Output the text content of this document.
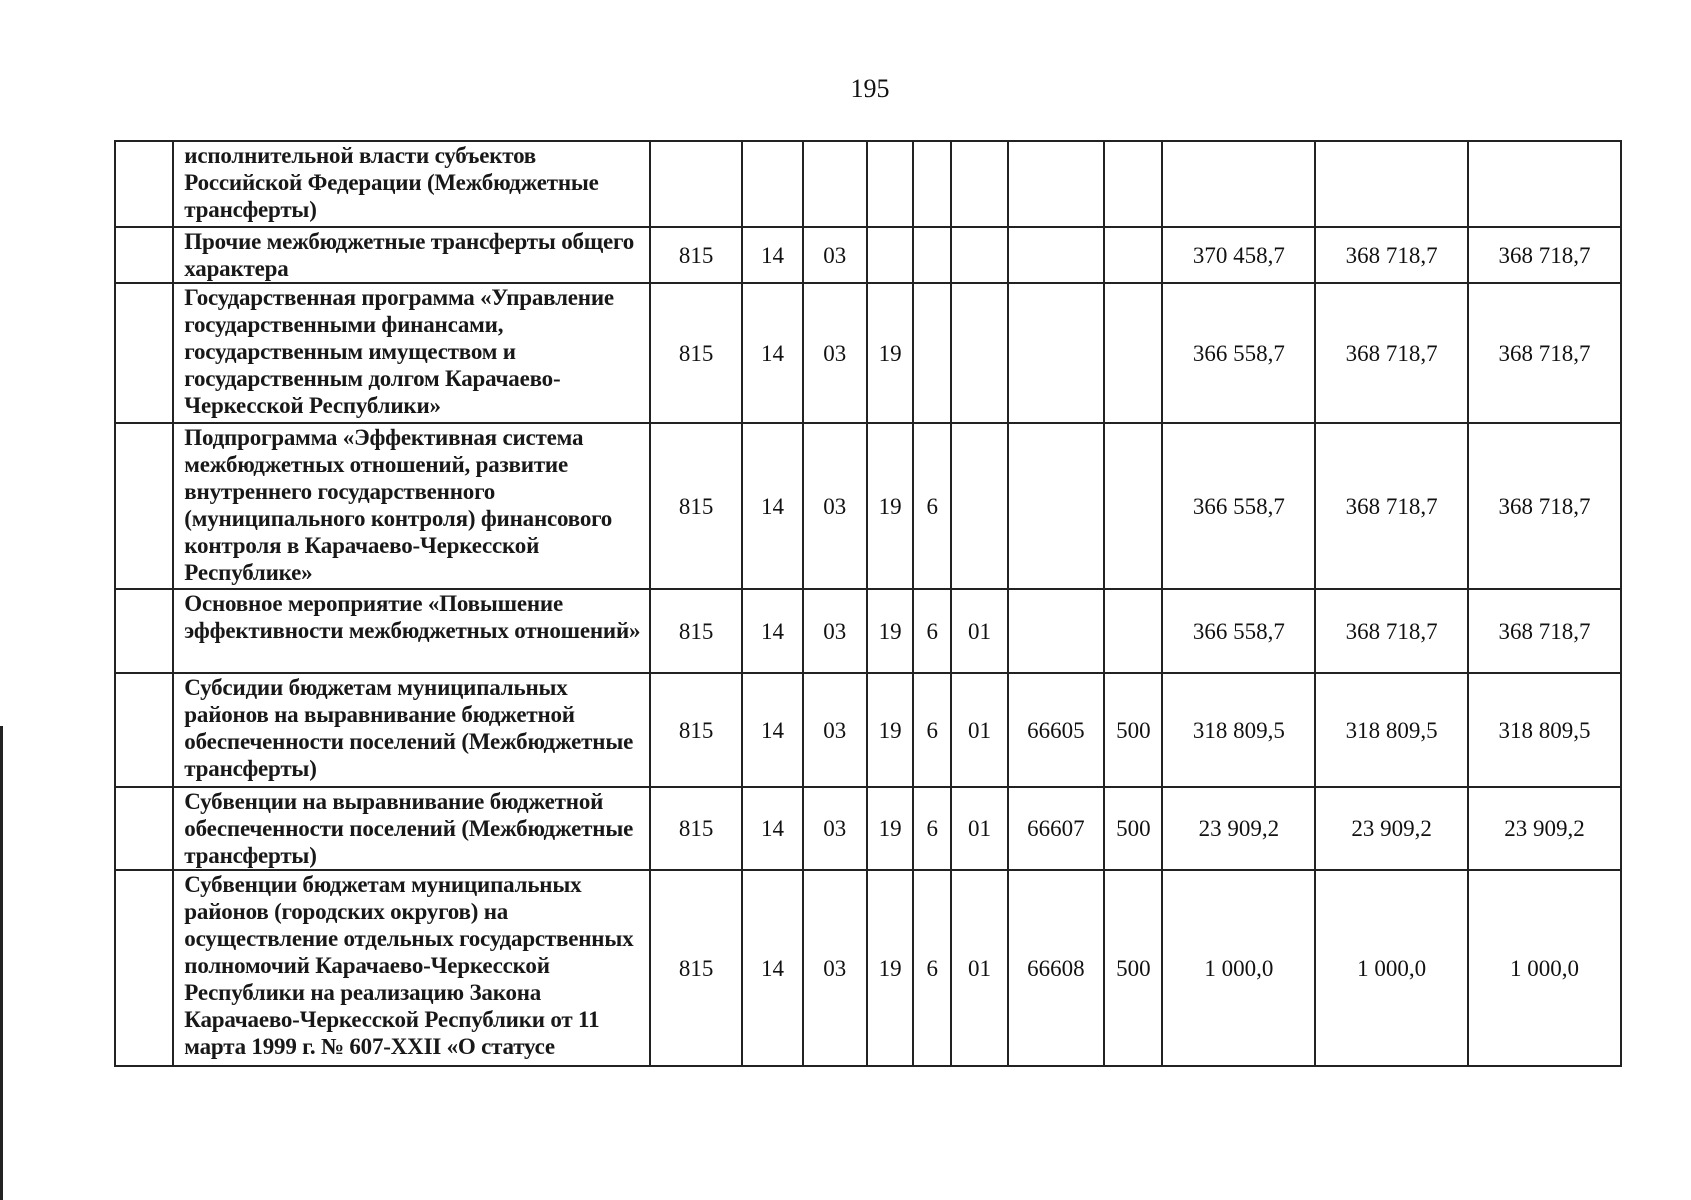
195
	исполнительной власти субъектов Российской Федерации (Межбюджетные трансферты)											
	Прочие межбюджетные трансферты общего характера	815	14	03						370 458,7	368 718,7	368 718,7
	Государственная программа «Управление государственными финансами, государственным имуществом и государственным долгом Карачаево-Черкесской Республики»	815	14	03	19					366 558,7	368 718,7	368 718,7
	Подпрограмма «Эффективная система межбюджетных отношений, развитие внутреннего государственного (муниципального контроля) финансового контроля в Карачаево-Черкесской Республике»	815	14	03	19	6				366 558,7	368 718,7	368 718,7
	Основное мероприятие «Повышение эффективности межбюджетных отношений»	815	14	03	19	6	01			366 558,7	368 718,7	368 718,7
	Субсидии бюджетам муниципальных районов на выравнивание бюджетной обеспеченности поселений (Межбюджетные трансферты)	815	14	03	19	6	01	66605	500	318 809,5	318 809,5	318 809,5
	Субвенции на выравнивание бюджетной обеспеченности поселений (Межбюджетные трансферты)	815	14	03	19	6	01	66607	500	23 909,2	23 909,2	23 909,2
	Субвенции бюджетам муниципальных районов (городских округов) на осуществление отдельных государственных полномочий Карачаево-Черкесской Республики на реализацию Закона Карачаево-Черкесской Республики от 11 марта 1999 г. № 607-XXII «О статусе	815	14	03	19	6	01	66608	500	1 000,0	1 000,0	1 000,0
